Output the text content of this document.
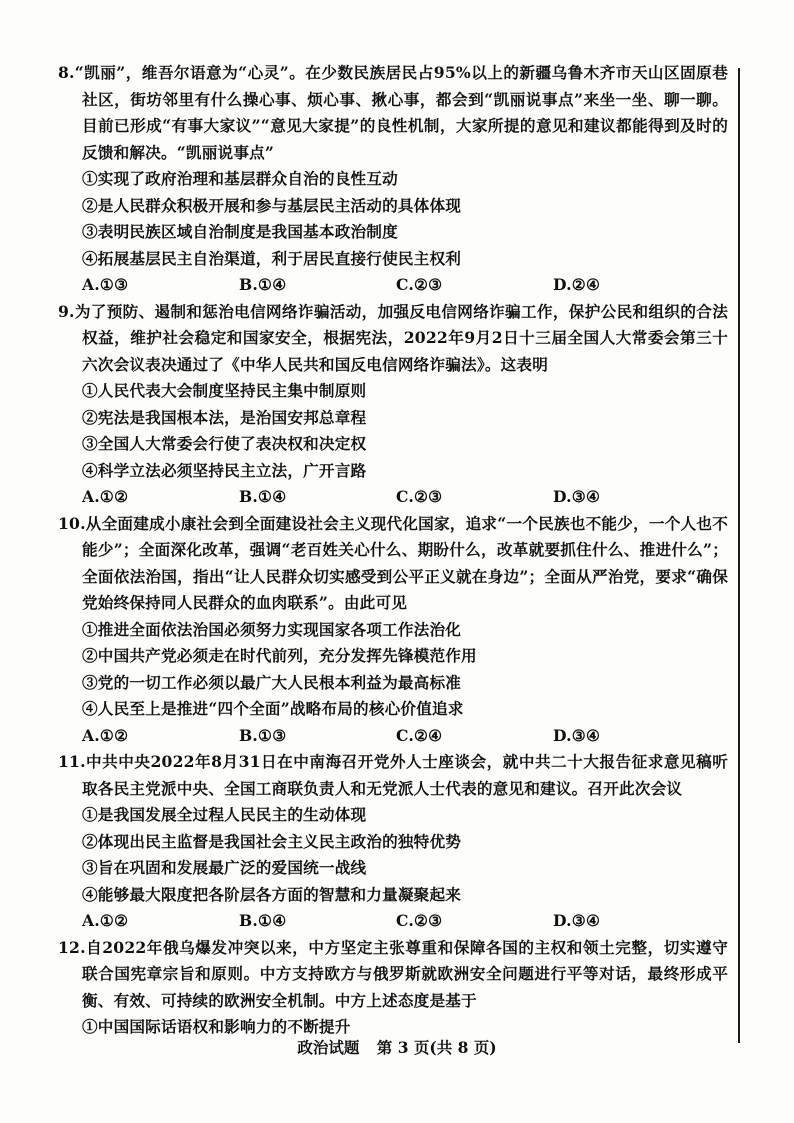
8.“凯丽”，维吾尔语意为“心灵”。在少数民族居民占95%以上的新疆乌鲁木齐市天山区固原巷社区，街坊邻里有什么操心事、烦心事、揪心事，都会到“凯丽说事点”来坐一坐、聊一聊。目前已形成“有事大家议”“意见大家提”的良性机制，大家所提的意见和建议都能得到及时的反馈和解决。“凯丽说事点”
①实现了政府治理和基层群众自治的良性互动
②是人民群众积极开展和参与基层民主活动的具体体现
③表明民族区域自治制度是我国基本政治制度
④拓展基层民主自治渠道，利于居民直接行使民主权利
A.①③	B.①④	C.②③	D.②④
9.为了预防、遏制和惩治电信网络诈骗活动，加强反电信网络诈骗工作，保护公民和组织的合法权益，维护社会稳定和国家安全，根据宪法，2022年9月2日十三届全国人大常委会第三十六次会议表决通过了《中华人民共和国反电信网络诈骗法》。这表明
①人民代表大会制度坚持民主集中制原则
②宪法是我国根本法，是治国安邦总章程
③全国人大常委会行使了表决权和决定权
④科学立法必须坚持民主立法，广开言路
A.①②	B.①④	C.②③	D.③④
10.从全面建成小康社会到全面建设社会主义现代化国家，追求“一个民族也不能少，一个人也不能少”；全面深化改革，强调“老百姓关心什么、期盼什么，改革就要抓住什么、推进什么”；全面依法治国，指出“让人民群众切实感受到公平正义就在身边”；全面从严治党，要求“确保党始终保持同人民群众的血肉联系”。由此可见
①推进全面依法治国必须努力实现国家各项工作法治化
②中国共产党必须走在时代前列，充分发挥先锋模范作用
③党的一切工作必须以最广大人民根本利益为最高标准
④人民至上是推进“四个全面”战略布局的核心价值追求
A.①②	B.①③	C.②④	D.③④
11.中共中央2022年8月31日在中南海召开党外人士座谈会，就中共二十大报告征求意见稿听取各民主党派中央、全国工商联负责人和无党派人士代表的意见和建议。召开此次会议
①是我国发展全过程人民民主的生动体现
②体现出民主监督是我国社会主义民主政治的独特优势
③旨在巩固和发展最广泛的爱国统一战线
④能够最大限度把各阶层各方面的智慧和力量凝聚起来
A.①②	B.①④	C.②③	D.③④
12.自2022年俄乌爆发冲突以来，中方坚定主张尊重和保障各国的主权和领土完整，切实遵守联合国宪章宗旨和原则。中方支持欧方与俄罗斯就欧洲安全问题进行平等对话，最终形成平衡、有效、可持续的欧洲安全机制。中方上述态度是基于
①中国国际话语权和影响力的不断提升
政治试题 第 3 页(共 8 页)
